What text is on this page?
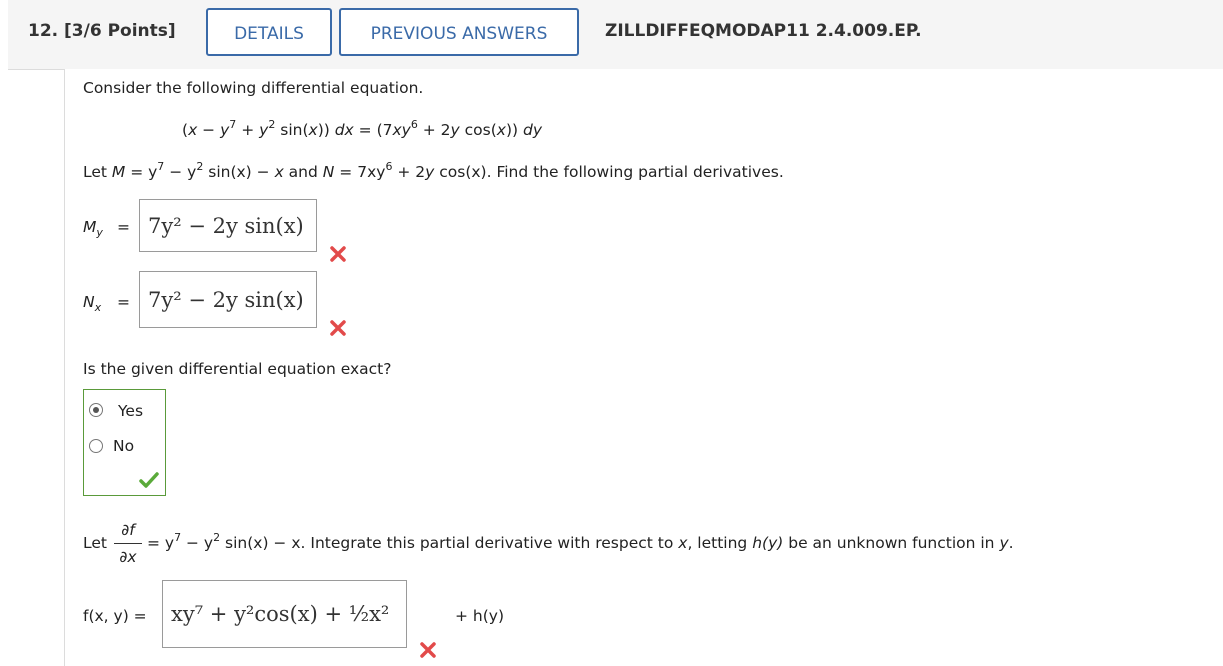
12. [3/6 Points]	DETAILS	PREVIOUS ANSWERS	ZILLDIFFEQMODAP11 2.4.009.EP.
Consider the following differential equation.
($x - y^7 + y^2$ sin(x)) dx = ($7xy^6 + 2y$ cos(x)) dy
Let $M = y^7 - y^2$ sin(x) − x and $N = 7xy^6 + 2y$ cos(x). Find the following partial derivatives.
$M_y = 7y^2 - 2y$ sin(x)
$N_x = 7y^2 - 2y$ sin(x)
Is the given differential equation exact?
Yes
No
Let
∂f
∂x
= $y^7 - y^2$ sin(x) − x. Integrate this partial derivative with respect to x, letting h(y) be an unknown function in y.
f(x, y) =	xy⁷ + y²cos(x) + ½x²	+ h(y)
